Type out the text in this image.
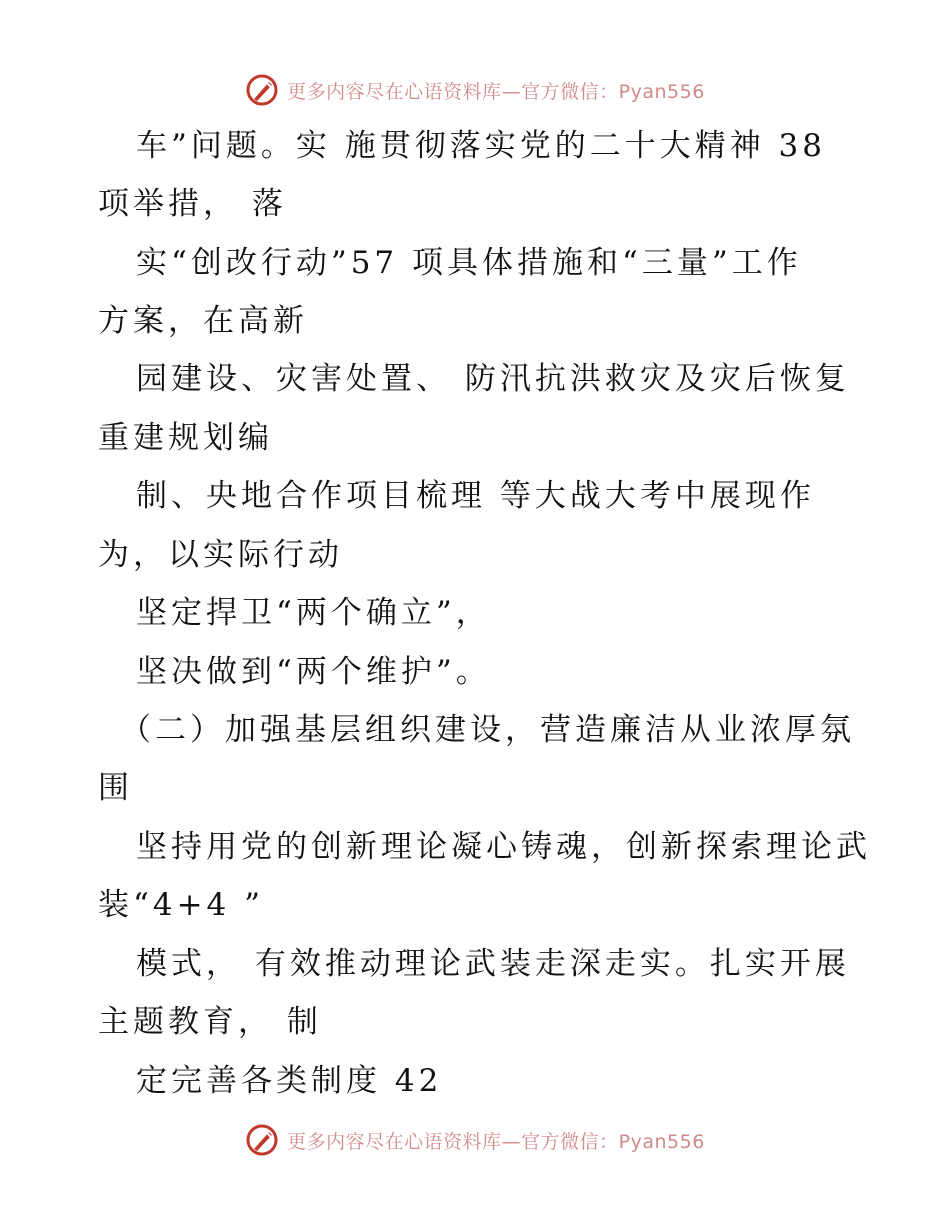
更多内容尽在心语资料库—官方微信：Pyan556
车”问题。实 施贯彻落实党的二十大精神 38
项举措， 落
实“创改行动”57 项具体措施和“三量”工作
方案，在高新
园建设、灾害处置、 防汛抗洪救灾及灾后恢复
重建规划编
制、央地合作项目梳理 等大战大考中展现作
为，以实际行动
坚定捍卫“两个确立”，
坚决做到“两个维护”。
（二）加强基层组织建设，营造廉洁从业浓厚氛
围
坚持用党的创新理论凝心铸魂，创新探索理论武
装“4+4 ”
模式， 有效推动理论武装走深走实。扎实开展
主题教育， 制
定完善各类制度 42
更多内容尽在心语资料库—官方微信：Pyan556
